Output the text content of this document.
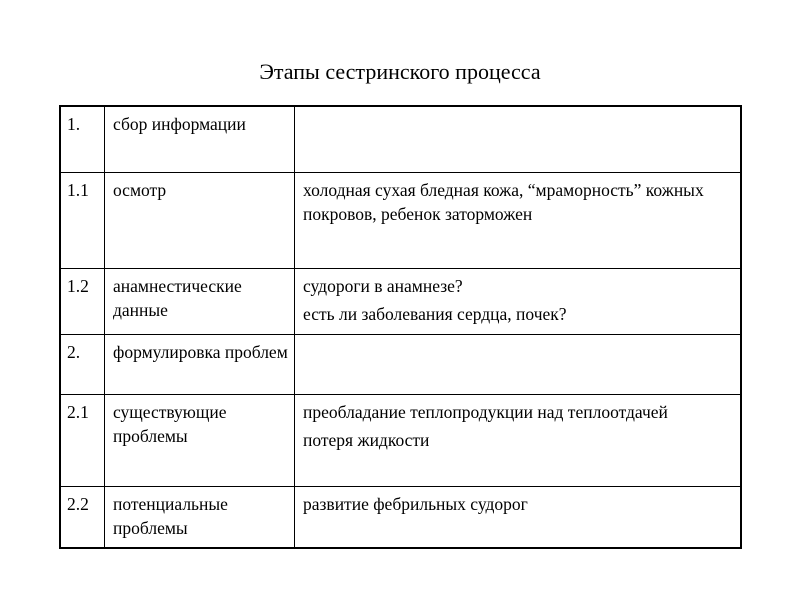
Этапы сестринского процесса
1.	сбор информации	
1.1	осмотр	холодная сухая бледная кожа, “мраморность” кожных покровов, ребенок заторможен

1.2	анамнестические данные	судороги в анамнезе?
есть ли заболевания сердца, почек?

2.	формулировка проблем	
2.1	существующие проблемы	преобладание теплопродукции над теплоотдачей
потеря жидкости

2.2	потенциальные проблемы	развитие фебрильных судорог
